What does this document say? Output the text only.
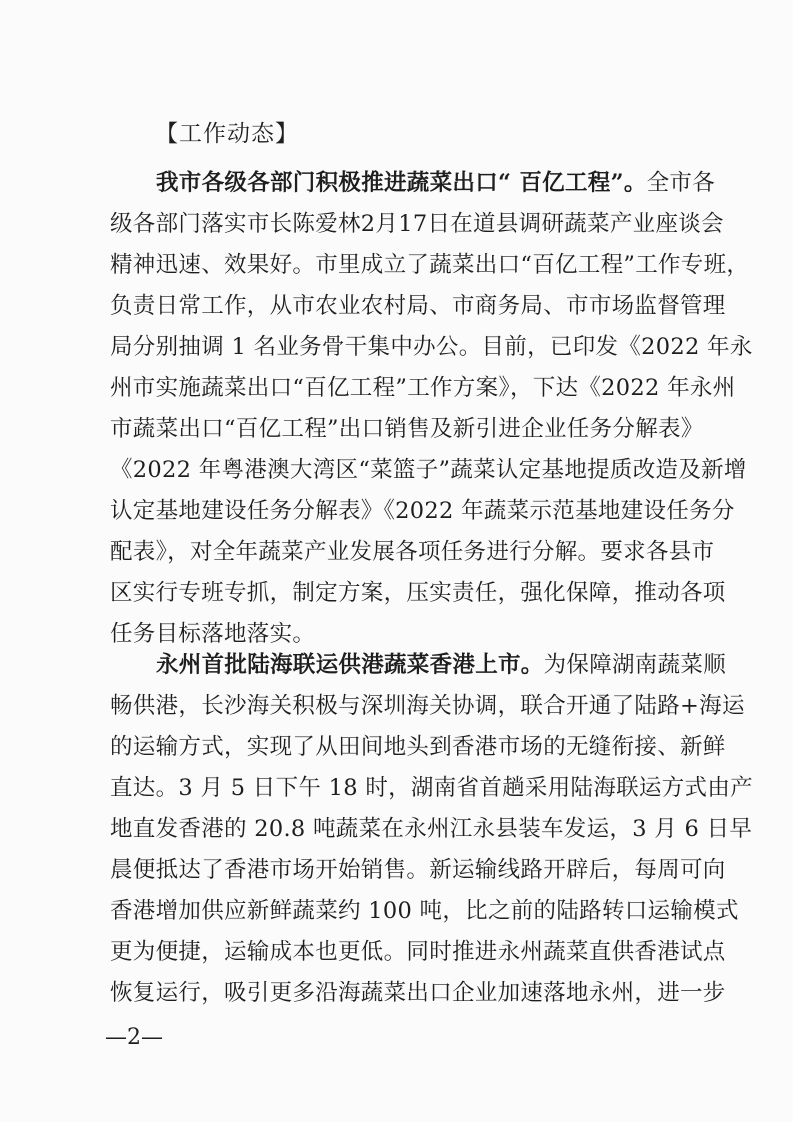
【工作动态】
我市各级各部门积极推进蔬菜出口“ 百亿工程”。全市各
级各部门落实市长陈爱林2月17日在道县调研蔬菜产业座谈会
精神迅速、效果好。市里成立了蔬菜出口“百亿工程”工作专班，
负责日常工作，从市农业农村局、市商务局、市市场监督管理
局分别抽调 1 名业务骨干集中办公。目前，已印发《2022 年永
州市实施蔬菜出口“百亿工程”工作方案》，下达《2022 年永州
市蔬菜出口“百亿工程”出口销售及新引进企业任务分解表》
《2022 年粤港澳大湾区“菜篮子”蔬菜认定基地提质改造及新增
认定基地建设任务分解表》《2022 年蔬菜示范基地建设任务分
配表》，对全年蔬菜产业发展各项任务进行分解。要求各县市
区实行专班专抓，制定方案，压实责任，强化保障，推动各项
任务目标落地落实。
永州首批陆海联运供港蔬菜香港上市。为保障湖南蔬菜顺
畅供港，长沙海关积极与深圳海关协调，联合开通了陆路+海运
的运输方式，实现了从田间地头到香港市场的无缝衔接、新鲜
直达。3 月 5 日下午 18 时，湖南省首趟采用陆海联运方式由产
地直发香港的 20.8 吨蔬菜在永州江永县装车发运，3 月 6 日早
晨便抵达了香港市场开始销售。新运输线路开辟后，每周可向
香港增加供应新鲜蔬菜约 100 吨，比之前的陆路转口运输模式
更为便捷，运输成本也更低。同时推进永州蔬菜直供香港试点
恢复运行，吸引更多沿海蔬菜出口企业加速落地永州，进一步
—2—
